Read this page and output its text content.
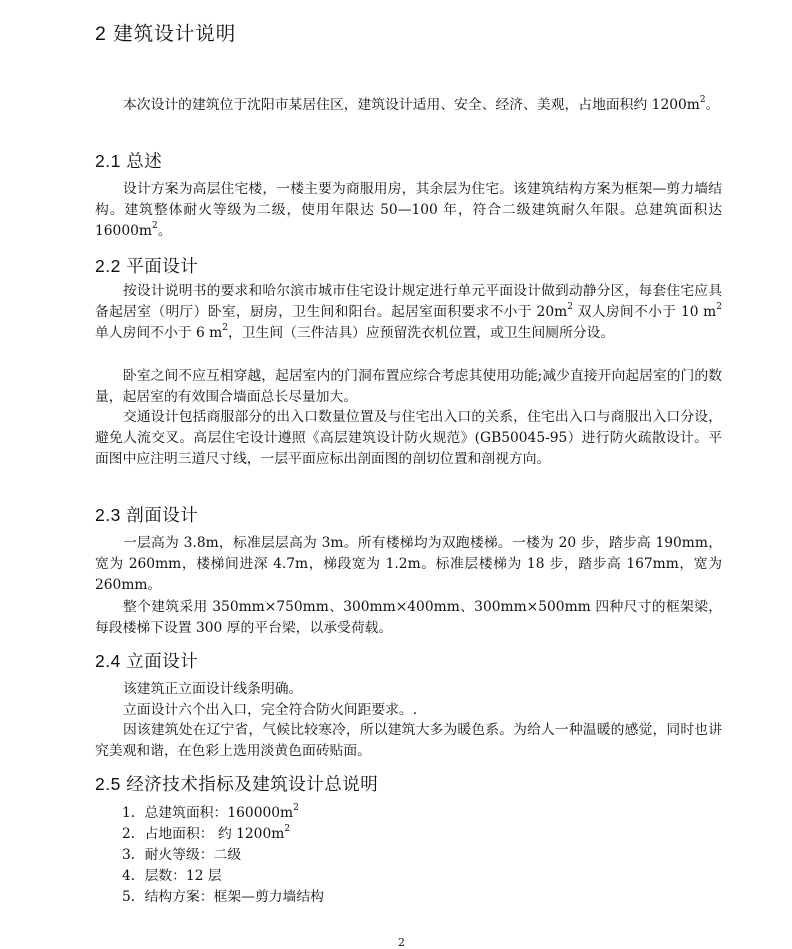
2 建筑设计说明

本次设计的建筑位于沈阳市某居住区，建筑设计适用、安全、经济、美观，占地面积约 $1200m^2$。

2.1 总述

设计方案为高层住宅楼，一楼主要为商服用房，其余层为住宅。该建筑结构方案为框架—剪力墙结构。建筑整体耐火等级为二级，使用年限达 50—100 年，符合二级建筑耐久年限。总建筑面积达 $16000m^2$。

2.2 平面设计

按设计说明书的要求和哈尔滨市城市住宅设计规定进行单元平面设计做到动静分区，每套住宅应具备起居室（明厅）卧室，厨房，卫生间和阳台。起居室面积要求不小于 $20m^2$ 双人房间不小于 10 $m^2$ 单人房间不小于 6 $m^2$，卫生间（三件洁具）应预留洗衣机位置，或卫生间厕所分设。

卧室之间不应互相穿越，起居室内的门洞布置应综合考虑其使用功能;减少直接开向起居室的门的数量，起居室的有效围合墙面总长尽量加大。

交通设计包括商服部分的出入口数量位置及与住宅出入口的关系，住宅出入口与商服出入口分设，避免人流交叉。高层住宅设计遵照《高层建筑设计防火规范》(GB50045-95）进行防火疏散设计。平面图中应注明三道尺寸线，一层平面应标出剖面图的剖切位置和剖视方向。

2.3 剖面设计

一层高为 3.8m，标准层层高为 3m。所有楼梯均为双跑楼梯。一楼为 20 步，踏步高 190mm，宽为 260mm，楼梯间进深 4.7m，梯段宽为 1.2m。标准层楼梯为 18 步，踏步高 167mm，宽为 260mm。

整个建筑采用 350mm×750mm、300mm×400mm、300mm×500mm 四种尺寸的框架梁，每段楼梯下设置 300 厚的平台梁，以承受荷载。

2.4 立面设计

该建筑正立面设计线条明确。

立面设计六个出入口，完全符合防火间距要求。.

因该建筑处在辽宁省，气候比较寒冷，所以建筑大多为暖色系。为给人一种温暖的感觉，同时也讲究美观和谐，在色彩上选用淡黄色面砖贴面。

2.5 经济技术指标及建筑设计总说明

1．总建筑面积：$160000m^2$

2．占地面积： 约 $1200m^2$

3．耐火等级：二级

4．层数：12 层

5．结构方案：框架—剪力墙结构

2
